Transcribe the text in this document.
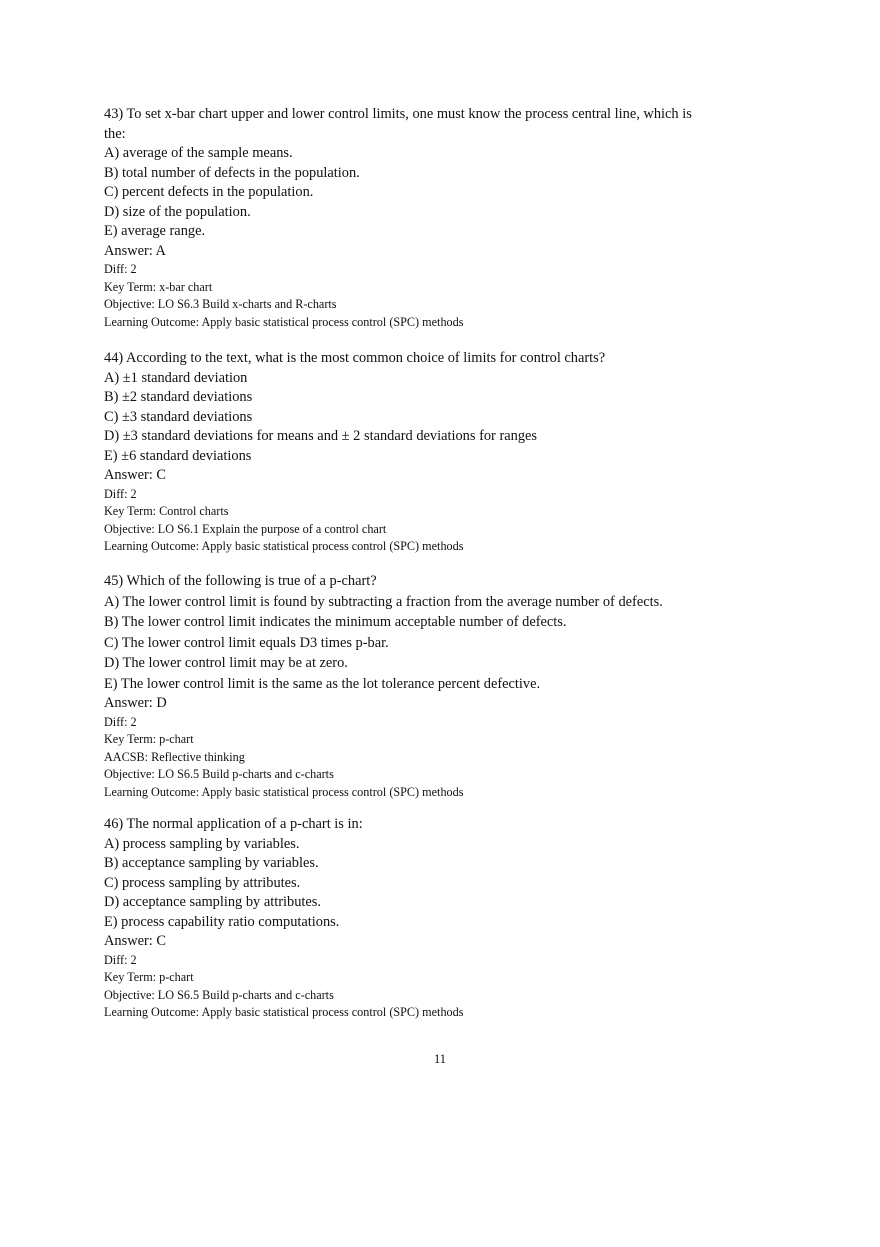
43) To set x-bar chart upper and lower control limits, one must know the process central line, which is the:
A) average of the sample means.
B) total number of defects in the population.
C) percent defects in the population.
D) size of the population.
E) average range.
Answer: A
Diff: 2
Key Term: x-bar chart
Objective: LO S6.3 Build x-charts and R-charts
Learning Outcome: Apply basic statistical process control (SPC) methods
44) According to the text, what is the most common choice of limits for control charts?
A) ±1 standard deviation
B) ±2 standard deviations
C) ±3 standard deviations
D) ±3 standard deviations for means and ± 2 standard deviations for ranges
E) ±6 standard deviations
Answer: C
Diff: 2
Key Term: Control charts
Objective: LO S6.1 Explain the purpose of a control chart
Learning Outcome: Apply basic statistical process control (SPC) methods
45) Which of the following is true of a p-chart?
A) The lower control limit is found by subtracting a fraction from the average number of defects.
B) The lower control limit indicates the minimum acceptable number of defects.
C) The lower control limit equals D3 times p-bar.
D) The lower control limit may be at zero.
E) The lower control limit is the same as the lot tolerance percent defective.
Answer: D
Diff: 2
Key Term: p-chart
AACSB: Reflective thinking
Objective: LO S6.5 Build p-charts and c-charts
Learning Outcome: Apply basic statistical process control (SPC) methods
46) The normal application of a p-chart is in:
A) process sampling by variables.
B) acceptance sampling by variables.
C) process sampling by attributes.
D) acceptance sampling by attributes.
E) process capability ratio computations.
Answer: C
Diff: 2
Key Term: p-chart
Objective: LO S6.5 Build p-charts and c-charts
Learning Outcome: Apply basic statistical process control (SPC) methods
11
